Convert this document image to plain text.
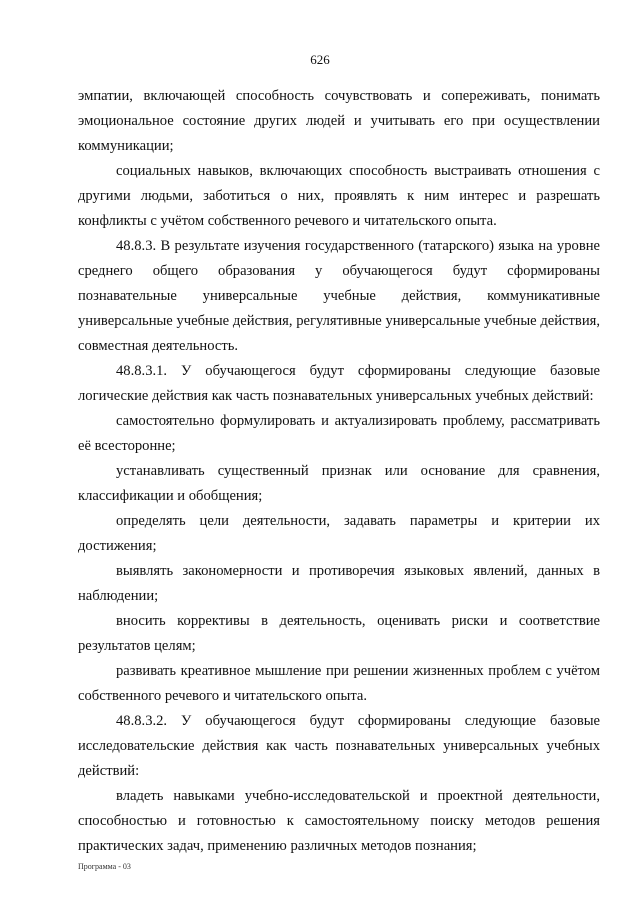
626

эмпатии, включающей способность сочувствовать и сопереживать, понимать эмоциональное состояние других людей и учитывать его при осуществлении коммуникации;

социальных навыков, включающих способность выстраивать отношения с другими людьми, заботиться о них, проявлять к ним интерес и разрешать конфликты с учётом собственного речевого и читательского опыта.

48.8.3. В результате изучения государственного (татарского) языка на уровне среднего общего образования у обучающегося будут сформированы познавательные универсальные учебные действия, коммуникативные универсальные учебные действия, регулятивные универсальные учебные действия, совместная деятельность.

48.8.3.1. У обучающегося будут сформированы следующие базовые логические действия как часть познавательных универсальных учебных действий:

самостоятельно формулировать и актуализировать проблему, рассматривать её всесторонне;

устанавливать существенный признак или основание для сравнения, классификации и обобщения;

определять цели деятельности, задавать параметры и критерии их достижения;

выявлять закономерности и противоречия языковых явлений, данных в наблюдении;

вносить коррективы в деятельность, оценивать риски и соответствие результатов целям;

развивать креативное мышление при решении жизненных проблем с учётом собственного речевого и читательского опыта.

48.8.3.2. У обучающегося будут сформированы следующие базовые исследовательские действия как часть познавательных универсальных учебных действий:

владеть навыками учебно-исследовательской и проектной деятельности, способностью и готовностью к самостоятельному поиску методов решения практических задач, применению различных методов познания;

Программа - 03
